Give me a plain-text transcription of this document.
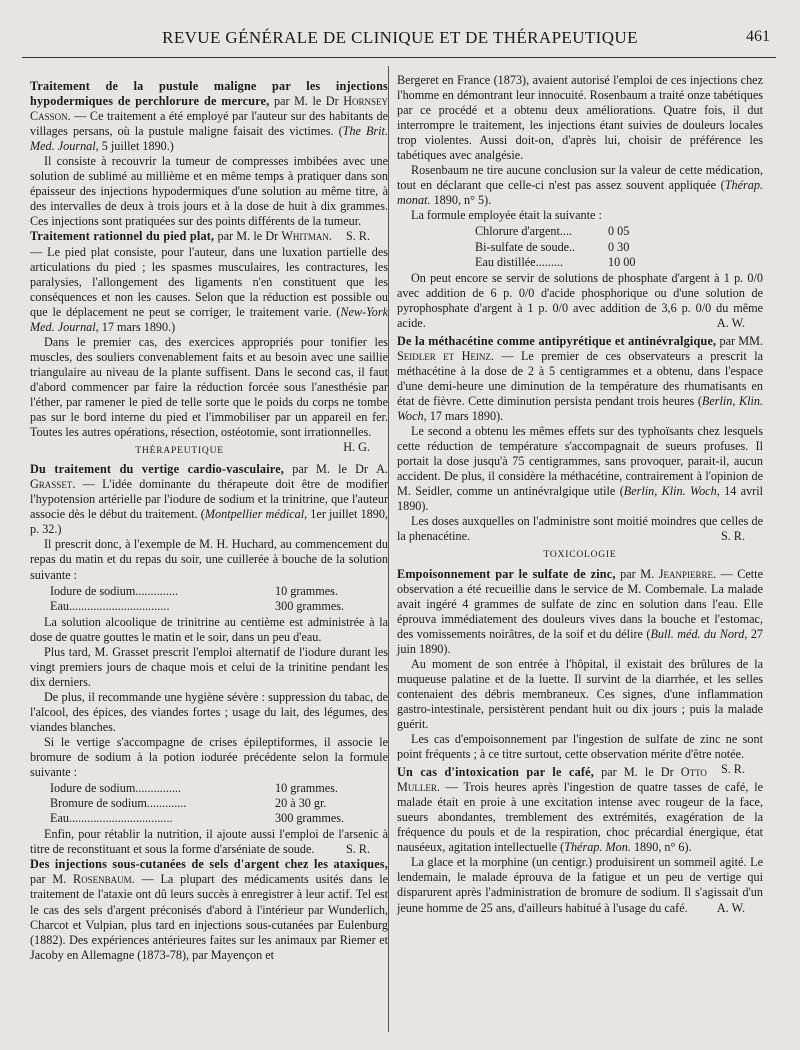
REVUE GÉNÉRALE DE CLINIQUE ET DE THÉRAPEUTIQUE	461

Traitement de la pustule maligne par les injections hypodermiques de perchlorure de mercure, par M. le Dr Hornsey Casson. — Ce traitement a été employé par l'auteur sur des habitants de villages persans, où la pustule maligne faisait des victimes. (The Brit. Med. Journal, 5 juillet 1890.)

Il consiste à recouvrir la tumeur de compresses imbibées avec une solution de sublimé au millième et en même temps à pratiquer dans son épaisseur des injections hypodermiques d'une solution au même titre, à des intervalles de deux à trois jours et à la dose de huit à dix grammes. Ces injections sont pratiquées sur des points différents de la tumeur.
S. R.

Traitement rationnel du pied plat, par M. le Dr Whitman. — Le pied plat consiste, pour l'auteur, dans une luxation partielle des articulations du pied ; les spasmes musculaires, les contractures, les paralysies, l'allongement des ligaments n'en constituent que les conséquences et non les causes. Selon que la réduction est possible ou que le déplacement ne peut se corriger, le traitement varie. (New-York Med. Journal, 17 mars 1890.)

Dans le premier cas, des exercices appropriés pour tonifier les muscles, des souliers convenablement faits et au besoin avec une saillie triangulaire au niveau de la plante suffisent. Dans le second cas, il faut d'abord commencer par faire la réduction forcée sous l'anesthésie par l'éther, par ramener le pied de telle sorte que le poids du corps ne tombe pas sur le bord interne du pied et l'immobiliser par un appareil en fer. Toutes les autres opérations, résection, ostéotomie, sont irrationnelles.
H. G.

THÉRAPEUTIQUE

Du traitement du vertige cardio-vasculaire, par M. le Dr A. Grasset. — L'idée dominante du thérapeute doit être de modifier l'hypotension artérielle par l'iodure de sodium et la trinitrine, que l'auteur associe dès le début du traitement. (Montpellier médical, 1er juillet 1890, p. 32.)

Il prescrit donc, à l'exemple de M. H. Huchard, au commencement du repas du matin et du repas du soir, une cuillerée à bouche de la solution suivante :

Iodure de sodium..............	10 grammes.
Eau.................................	300 grammes.

La solution alcoolique de trinitrine au centième est administrée à la dose de quatre gouttes le matin et le soir, dans un peu d'eau.

Plus tard, M. Grasset prescrit l'emploi alternatif de l'iodure durant les vingt premiers jours de chaque mois et celui de la trinitine pendant les dix derniers.

De plus, il recommande une hygiène sévère : suppression du tabac, de l'alcool, des épices, des viandes fortes ; usage du lait, des légumes, des viandes blanches.

Si le vertige s'accompagne de crises épileptiformes, il associe le bromure de sodium à la potion iodurée précédente selon la formule suivante :

Iodure de sodium...............	10 grammes.
Bromure de sodium.............	20 à 30 gr.
Eau..................................	300 grammes.

Enfin, pour rétablir la nutrition, il ajoute aussi l'emploi de l'arsenic à titre de reconstituant et sous la forme d'arséniate de soude.	S. R.

Des injections sous-cutanées de sels d'argent chez les ataxiques, par M. Rosenbaum. — La plupart des médicaments usités dans le traitement de l'ataxie ont dû leurs succès à enregistrer à leur actif. Tel est le cas des sels d'argent préconisés d'abord à l'intérieur par Wunderlich, Charcot et Vulpian, plus tard en injections sous-cutanées par Eulenburg (1882). Des expériences antérieures faites sur les animaux par Riemer et Jacoby en Allemagne (1873-78), par Mayençon et

Bergeret en France (1873), avaient autorisé l'emploi de ces injections chez l'homme en démontrant leur innocuité. Rosenbaum a traité onze tabétiques par ce procédé et a obtenu deux améliorations. Quatre fois, il dut interrompre le traitement, les injections étant suivies de douleurs locales trop violentes. Aussi doit-on, d'après lui, choisir de préférence les tabétiques avec analgésie.

Rosenbaum ne tire aucune conclusion sur la valeur de cette médication, tout en déclarant que celle-ci n'est pas assez souvent appliquée (Thérap. monat. 1890, n° 5).

La formule employée était la suivante :

Chlorure d'argent....	0 05
Bi-sulfate de soude..	0 30
Eau distillée.........	10 00

On peut encore se servir de solutions de phosphate d'argent à 1 p. 0/0 avec addition de 6 p. 0/0 d'acide phosphorique ou d'une solution de pyrophosphate d'argent à 1 p. 0/0 avec addition de 3,6 p. 0/0 du même acide.	A. W.

De la méthacétine comme antipyrétique et antinévralgique, par MM. Seidler et Heinz. — Le premier de ces observateurs a prescrit la méthacétine à la dose de 2 à 5 centigrammes et a obtenu, dans l'espace d'une demi-heure une diminution de la température des rhumatisants en état de fièvre. Cette diminution persista pendant trois heures (Berlin, Klin. Woch, 17 mars 1890).

Le second a obtenu les mêmes effets sur des typhoïsants chez lesquels cette réduction de température s'accompagnait de sueurs profuses. Il portait la dose jusqu'à 75 centigrammes, sans provoquer, parait-il, aucun accident. De plus, il considère la méthacétine, contrairement à l'opinion de M. Seidler, comme un antinévralgique utile (Berlin, Klin. Woch, 14 avril 1890).

Les doses auxquelles on l'administre sont moitié moindres que celles de la phenacétine.	S. R.

TOXICOLOGIE

Empoisonnement par le sulfate de zinc, par M. Jeanpierre. — Cette observation a été recueillie dans le service de M. Combemale. La malade avait ingéré 4 grammes de sulfate de zinc en solution dans l'eau. Elle éprouva immédiatement des douleurs vives dans la bouche et l'estomac, des vomissements noirâtres, de la soif et du délire (Bull. méd. du Nord, 27 juin 1890).

Au moment de son entrée à l'hôpital, il existait des brûlures de la muqueuse palatine et de la luette. Il survint de la diarrhée, et les selles contenaient des débris membraneux. Ces signes, d'une inflammation gastro-intestinale, persistèrent pendant huit ou dix jours ; puis la malade guérit.

Les cas d'empoisonnement par l'ingestion de sulfate de zinc ne sont point fréquents ; à ce titre surtout, cette observation mérite d'être notée.
S. R.

Un cas d'intoxication par le café, par M. le Dr Otto Muller. — Trois heures après l'ingestion de quatre tasses de café, le malade était en proie à une excitation intense avec rougeur de la face, sueurs abondantes, tremblement des extrémités, exagération de la fréquence du pouls et de la respiration, choc précardial énergique, état nauséeux, agitation intellectuelle (Thérap. Mon. 1890, n° 6).

La glace et la morphine (un centigr.) produisirent un sommeil agité. Le lendemain, le malade éprouva de la fatigue et un peu de vertige qui disparurent après l'administration de bromure de sodium. Il s'agissait d'un jeune homme de 25 ans, d'ailleurs habitué à l'usage du café.	A. W.
